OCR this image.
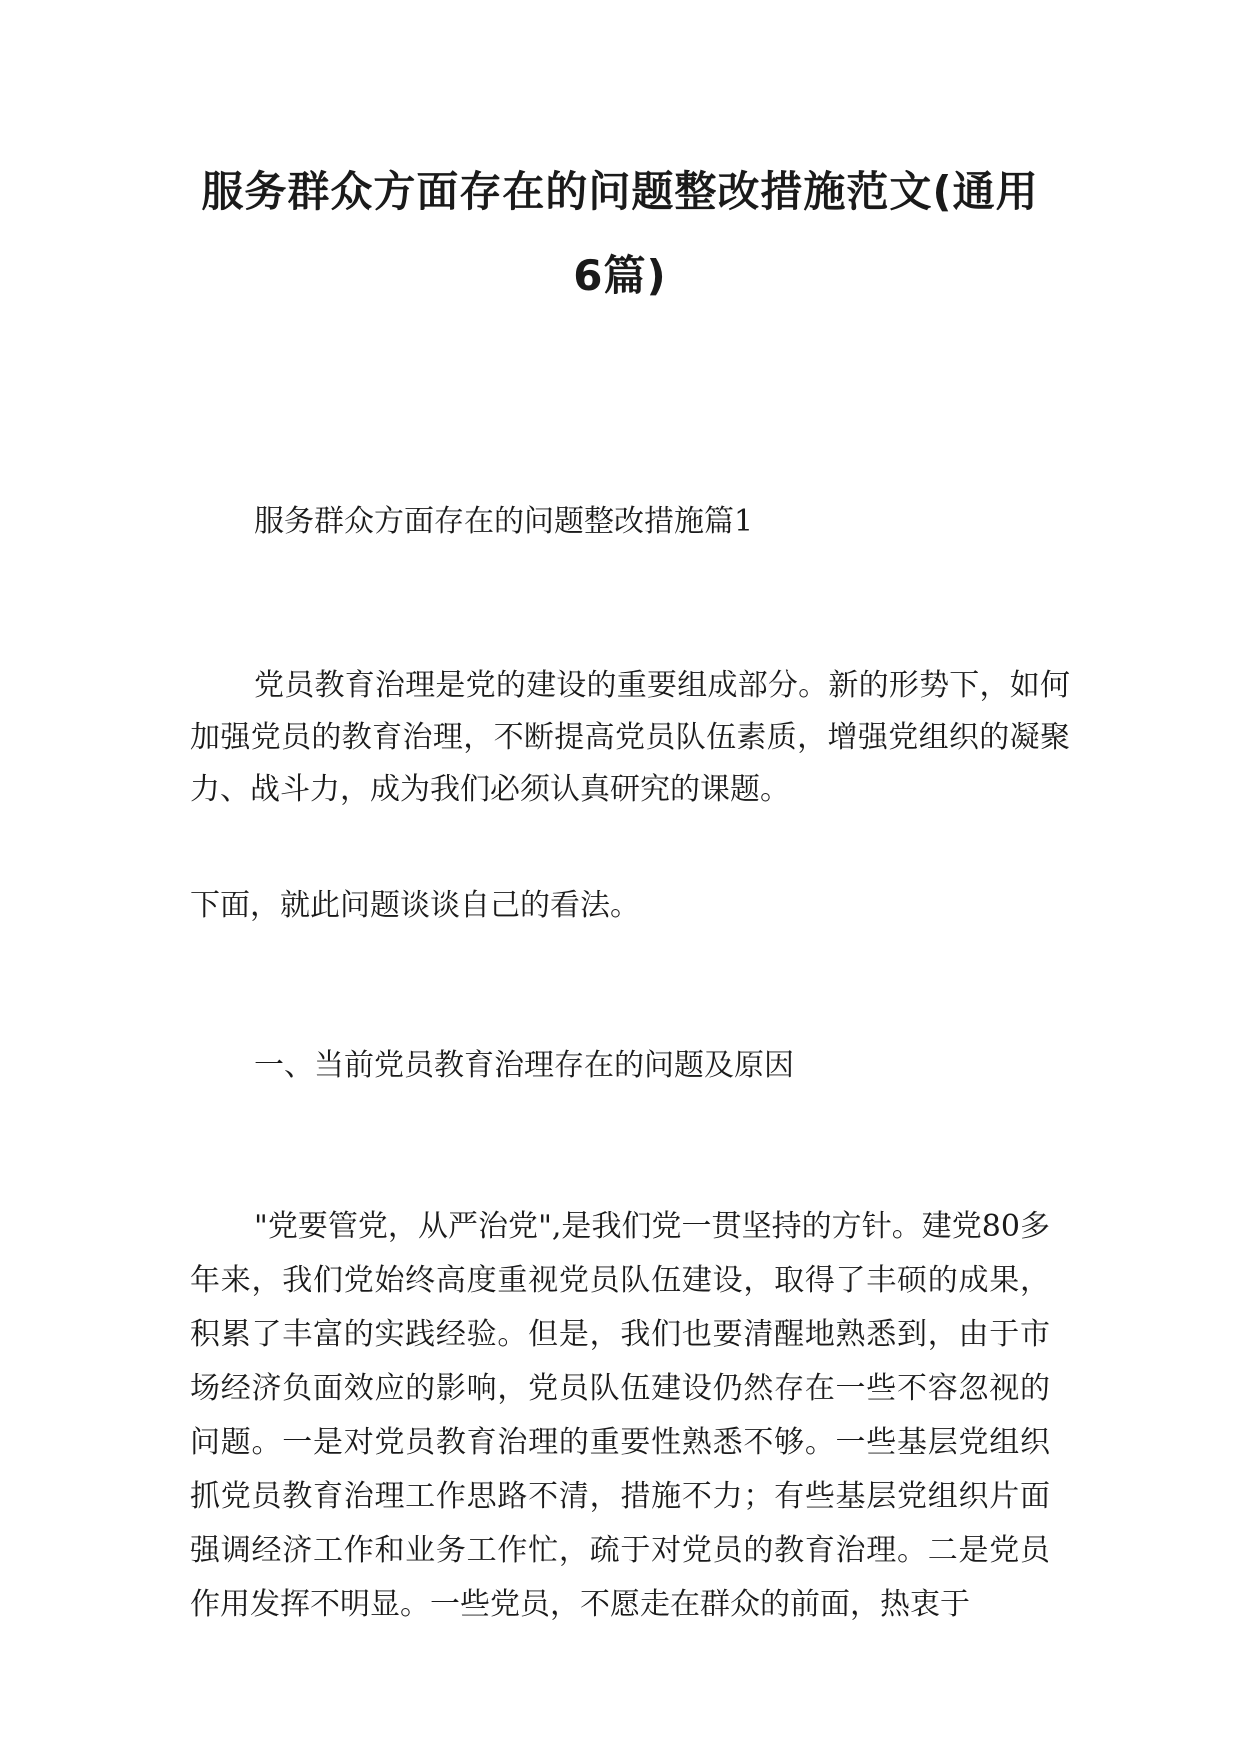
服务群众方面存在的问题整改措施范文(通用6篇)
服务群众方面存在的问题整改措施篇1

党员教育治理是党的建设的重要组成部分。新的形势下，如何加强党员的教育治理，不断提高党员队伍素质，增强党组织的凝聚力、战斗力，成为我们必须认真研究的课题。

下面，就此问题谈谈自己的看法。

一、当前党员教育治理存在的问题及原因

"党要管党，从严治党",是我们党一贯坚持的方针。建党80多年来，我们党始终高度重视党员队伍建设，取得了丰硕的成果，积累了丰富的实践经验。但是，我们也要清醒地熟悉到，由于市场经济负面效应的影响，党员队伍建设仍然存在一些不容忽视的问题。一是对党员教育治理的重要性熟悉不够。一些基层党组织抓党员教育治理工作思路不清，措施不力；有些基层党组织片面强调经济工作和业务工作忙，疏于对党员的教育治理。二是党员作用发挥不明显。一些党员，不愿走在群众的前面，热衷于
